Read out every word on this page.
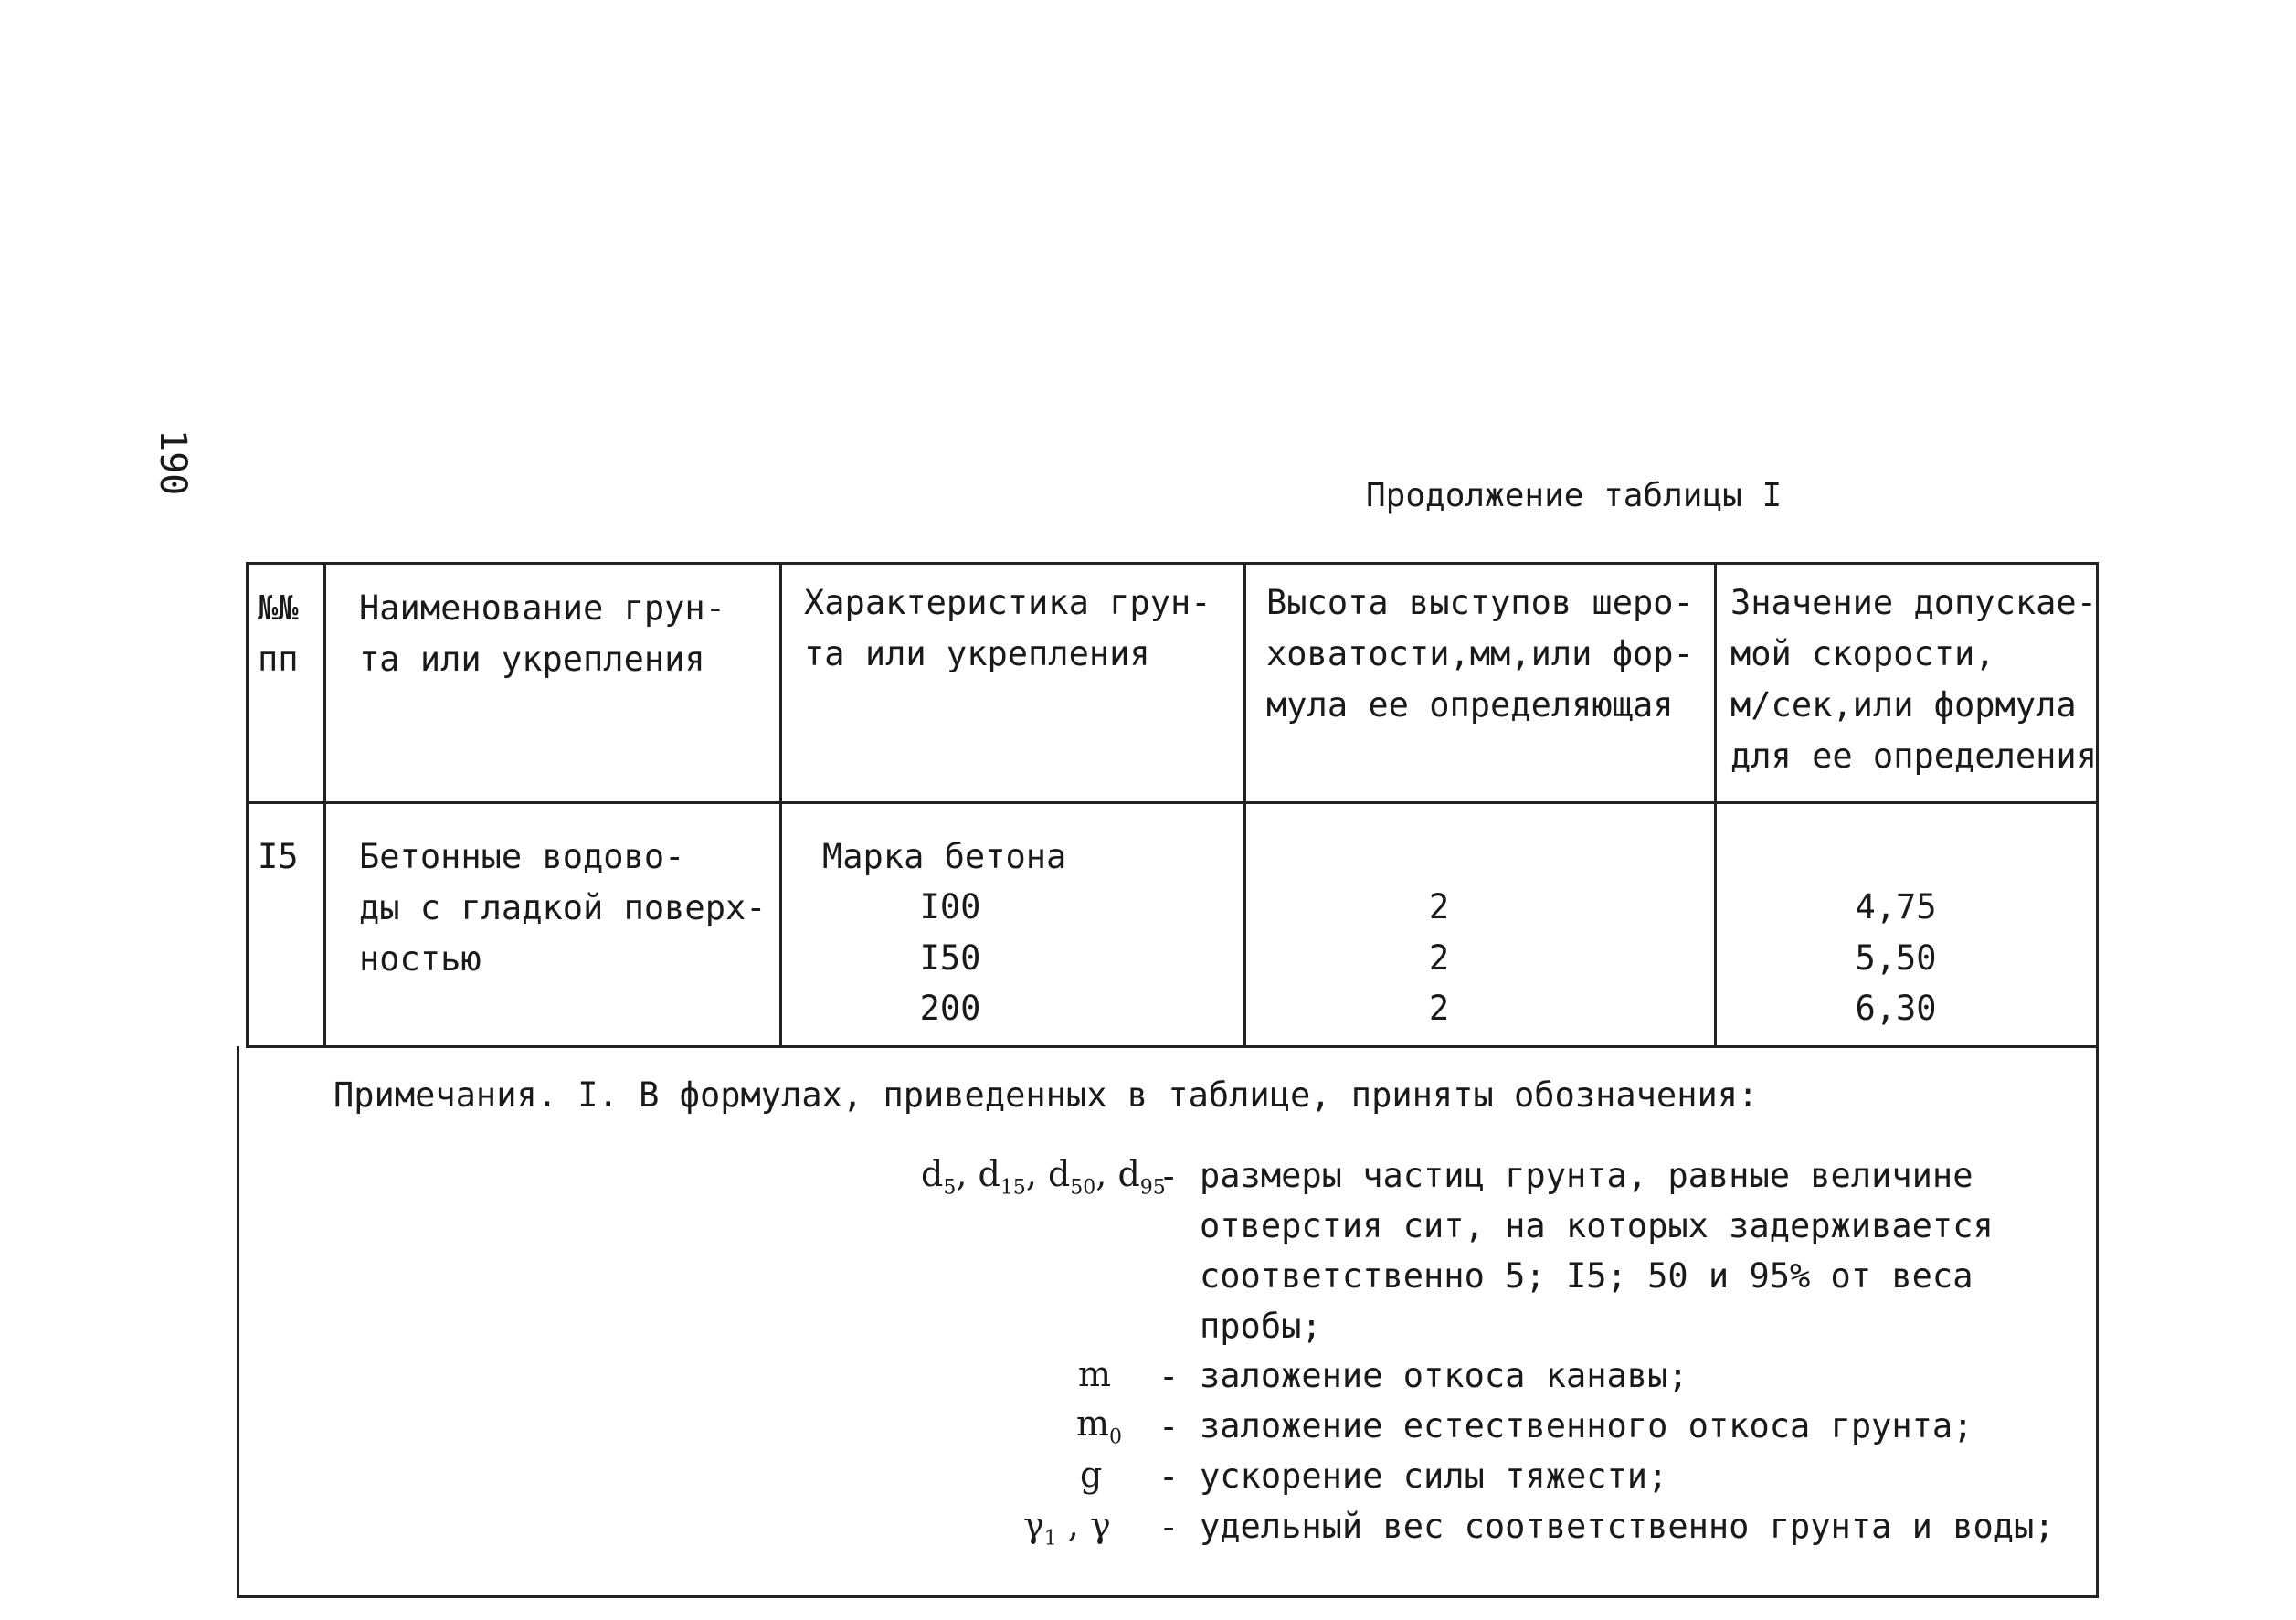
190
Продолжение таблицы I
№№
пп
Наименование грун-
та или укрепления
Характеристика грун-
та или укрепления
Высота выступов шеро-
ховатости,мм,или фор-
мула ее определяющая
Значение допускае-
мой скорости,
м/сек,или формула
для ее определения
I5 Бетонные водово-
ды с гладкой поверх-
ностью
Марка бетона
I00
I50
200
2
2
2
4,75
5,50
6,30
Примечания. I. В формулах, приведенных в таблице, приняты обозначения:
$d_5$, $d_{15}$, $d_{50}$, $d_{95}$
- размеры частиц грунта, равные величине
отверстия сит, на которых задерживается
соответственно 5; I5; 50 и 95% от веса
пробы;
m - заложение откоса канавы;
$m_0$ - заложение естественного откоса грунта;
g - ускорение силы тяжести;
$\gamma_1$ , γ - удельный вес соответственно грунта и воды;
